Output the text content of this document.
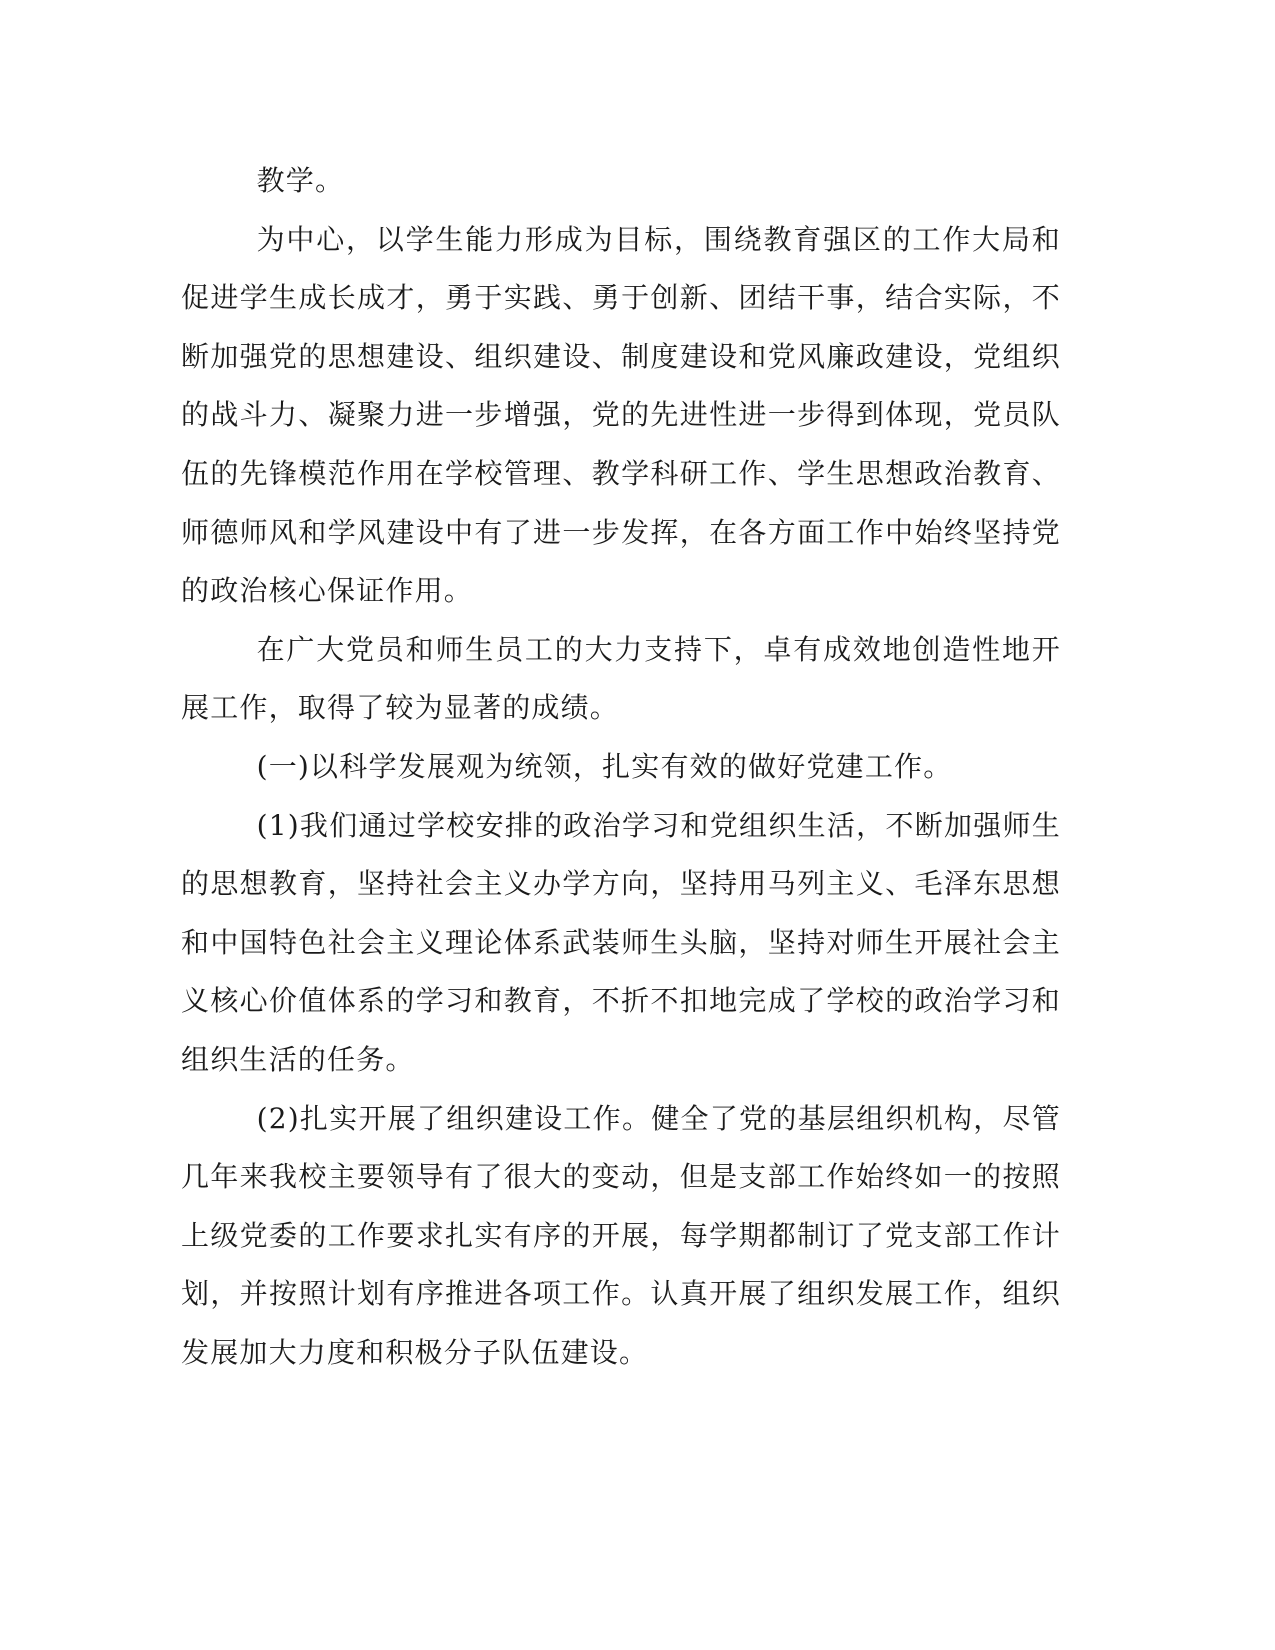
教学。

为中心，以学生能力形成为目标，围绕教育强区的工作大局和促进学生成长成才，勇于实践、勇于创新、团结干事，结合实际，不断加强党的思想建设、组织建设、制度建设和党风廉政建设，党组织的战斗力、凝聚力进一步增强，党的先进性进一步得到体现，党员队伍的先锋模范作用在学校管理、教学科研工作、学生思想政治教育、师德师风和学风建设中有了进一步发挥，在各方面工作中始终坚持党的政治核心保证作用。

在广大党员和师生员工的大力支持下，卓有成效地创造性地开展工作，取得了较为显著的成绩。

(一)以科学发展观为统领，扎实有效的做好党建工作。

(1)我们通过学校安排的政治学习和党组织生活，不断加强师生的思想教育，坚持社会主义办学方向，坚持用马列主义、毛泽东思想和中国特色社会主义理论体系武装师生头脑，坚持对师生开展社会主义核心价值体系的学习和教育，不折不扣地完成了学校的政治学习和组织生活的任务。

(2)扎实开展了组织建设工作。健全了党的基层组织机构，尽管几年来我校主要领导有了很大的变动，但是支部工作始终如一的按照上级党委的工作要求扎实有序的开展，每学期都制订了党支部工作计划，并按照计划有序推进各项工作。认真开展了组织发展工作，组织发展加大力度和积极分子队伍建设。
